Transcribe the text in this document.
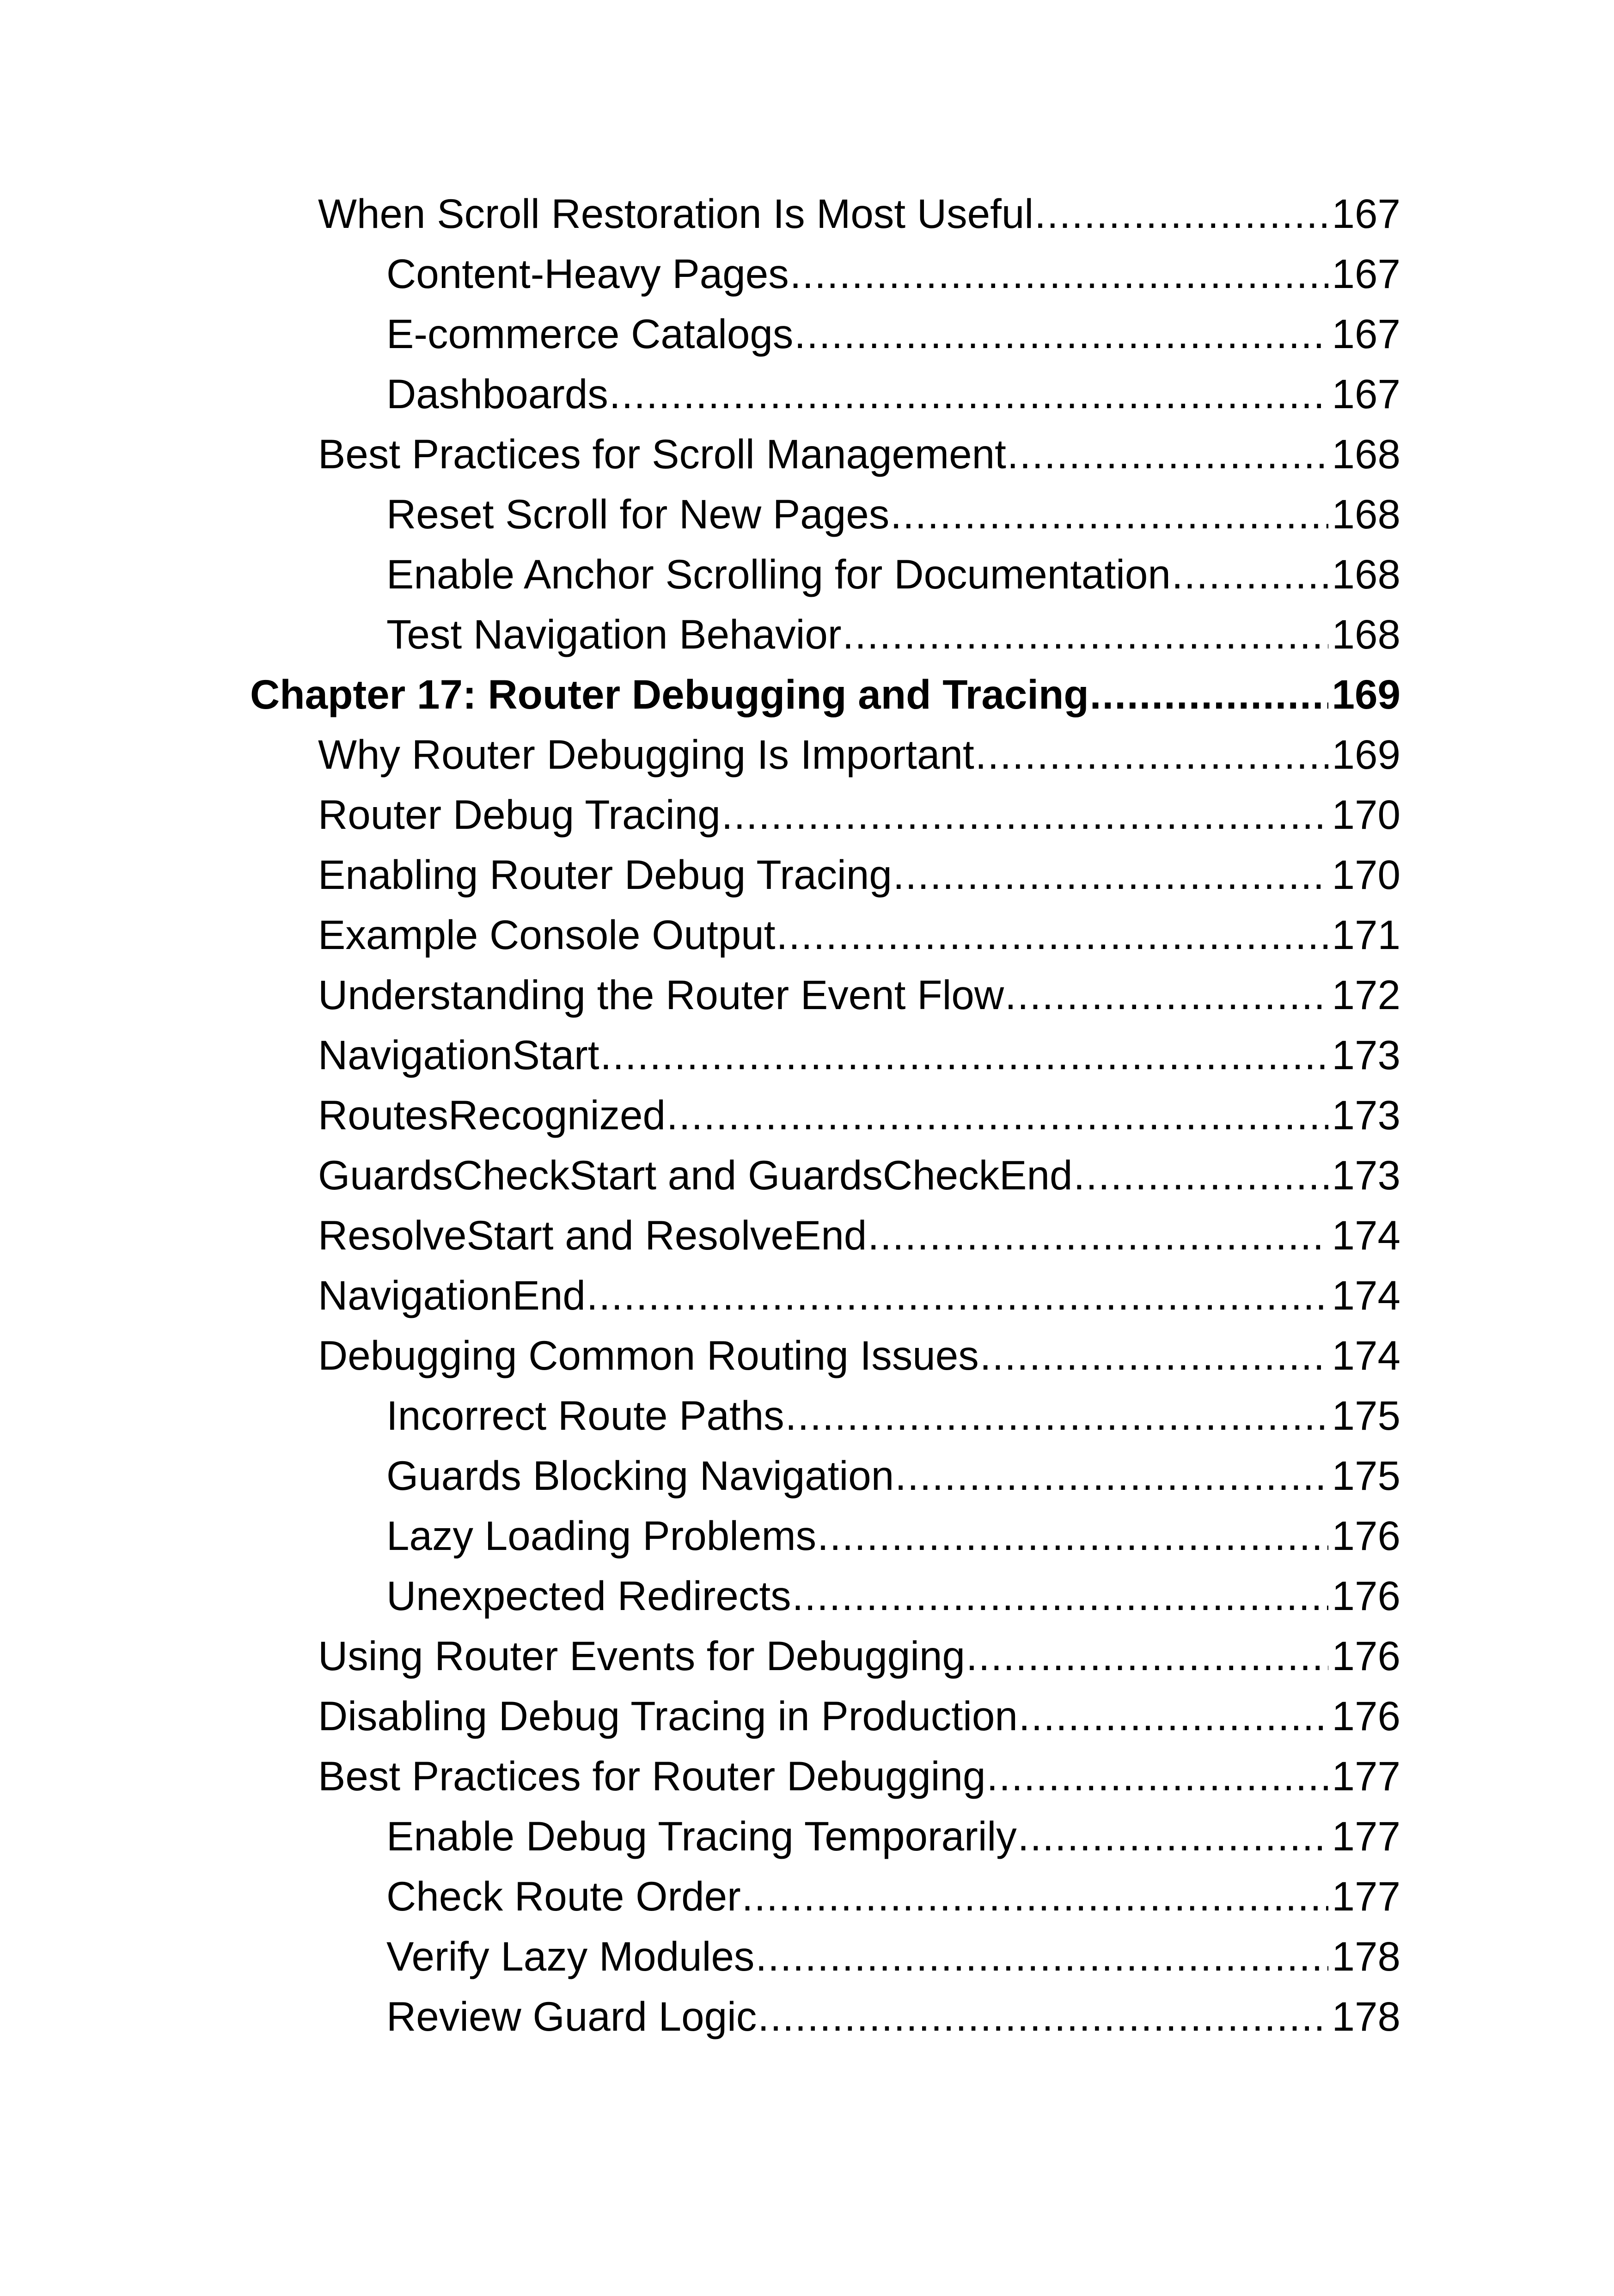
When Scroll Restoration Is Most Useful .....	167
Content-Heavy Pages .....	167
E-commerce Catalogs .....	167
Dashboards .....	167
Best Practices for Scroll Management .....	168
Reset Scroll for New Pages .....	168
Enable Anchor Scrolling for Documentation .....	168
Test Navigation Behavior .....	168
Chapter 17: Router Debugging and Tracing .....	169
Why Router Debugging Is Important .....	169
Router Debug Tracing .....	170
Enabling Router Debug Tracing .....	170
Example Console Output .....	171
Understanding the Router Event Flow .....	172
NavigationStart .....	173
RoutesRecognized .....	173
GuardsCheckStart and GuardsCheckEnd .....	173
ResolveStart and ResolveEnd .....	174
NavigationEnd .....	174
Debugging Common Routing Issues .....	174
Incorrect Route Paths .....	175
Guards Blocking Navigation .....	175
Lazy Loading Problems .....	176
Unexpected Redirects .....	176
Using Router Events for Debugging .....	176
Disabling Debug Tracing in Production .....	176
Best Practices for Router Debugging .....	177
Enable Debug Tracing Temporarily .....	177
Check Route Order .....	177
Verify Lazy Modules .....	178
Review Guard Logic .....	178
